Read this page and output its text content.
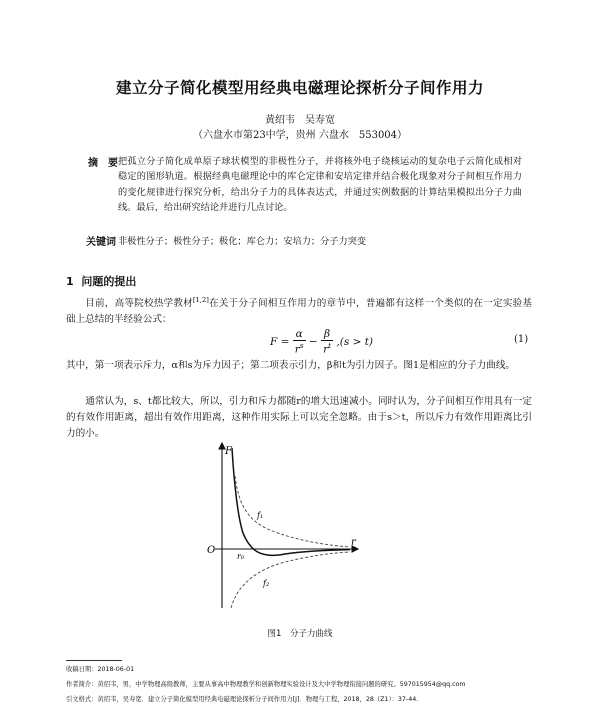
建立分子简化模型用经典电磁理论探析分子间作用力
黄绍韦　吴寿宽
（六盘水市第23中学，贵州 六盘水　553004）
摘　要 把孤立分子简化成单原子球状模型的非极性分子，并将核外电子绕核运动的复杂电子云简化成相对稳定的图形轨道。根据经典电磁理论中的库仑定律和安培定律并结合极化现象对分子间相互作用力的变化规律进行探究分析，给出分子力的具体表达式，并通过实例数据的计算结果模拟出分子力曲线。最后，给出研究结论并进行几点讨论。
关键词 非极性分子；极性分子；极化；库仑力；安培力；分子力突变
1 问题的提出
目前，高等院校热学教材[1,2]在关于分子间相互作用力的章节中，普遍都有这样一个类似的在一定实验基础上总结的半经验公式：
$F = \frac{\alpha}{r^s} - \frac{\beta}{r^t} ,(s > t)$	(1)
其中，第一项表示斥力，α和s为斥力因子；第二项表示引力，β和t为引力因子。图1是相应的分子力曲线。
通常认为，s、t都比较大，所以，引力和斥力都随r的增大迅速减小。同时认为，分子间相互作用具有一定的有效作用距离，超出有效作用距离，这种作用实际上可以完全忽略。由于s＞t，所以斥力有效作用距离比引力的小。
F
r
O
r₀
f₁
f₂
图1　分子力曲线
收稿日期：2018-06-01
作者简介：黄绍韦，男，中学物理高级教师，主要从事高中物理教学和创新物理实验设计及大中学物理衔接问题的研究。597015954@qq.com
引文格式：黄绍韦，吴寿宽．建立分子简化模型用经典电磁理论探析分子间作用力[J]．物理与工程，2018，28（Z1）：37-44.
